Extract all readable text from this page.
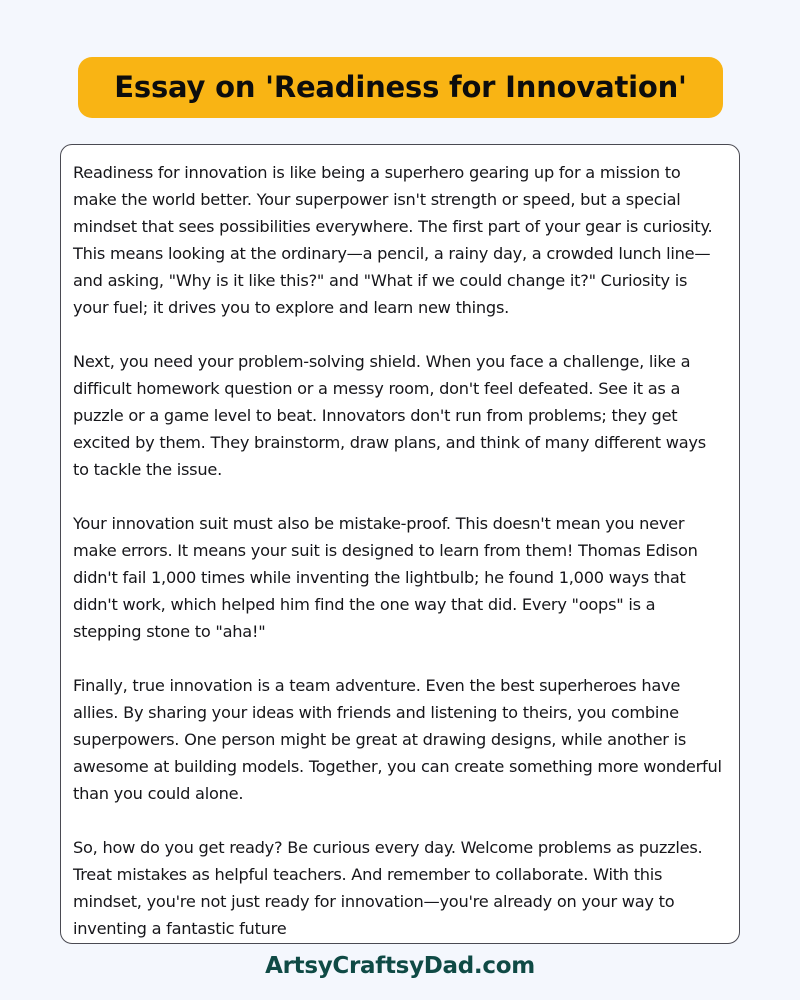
Essay on 'Readiness for Innovation'

Readiness for innovation is like being a superhero gearing up for a mission to make the world better. Your superpower isn't strength or speed, but a special mindset that sees possibilities everywhere. The first part of your gear is curiosity. This means looking at the ordinary—a pencil, a rainy day, a crowded lunch line—and asking, "Why is it like this?" and "What if we could change it?" Curiosity is your fuel; it drives you to explore and learn new things.

Next, you need your problem-solving shield. When you face a challenge, like a difficult homework question or a messy room, don't feel defeated. See it as a puzzle or a game level to beat. Innovators don't run from problems; they get excited by them. They brainstorm, draw plans, and think of many different ways to tackle the issue.

Your innovation suit must also be mistake-proof. This doesn't mean you never make errors. It means your suit is designed to learn from them! Thomas Edison didn't fail 1,000 times while inventing the lightbulb; he found 1,000 ways that didn't work, which helped him find the one way that did. Every "oops" is a stepping stone to "aha!"

Finally, true innovation is a team adventure. Even the best superheroes have allies. By sharing your ideas with friends and listening to theirs, you combine superpowers. One person might be great at drawing designs, while another is awesome at building models. Together, you can create something more wonderful than you could alone.

So, how do you get ready? Be curious every day. Welcome problems as puzzles. Treat mistakes as helpful teachers. And remember to collaborate. With this mindset, you're not just ready for innovation—you're already on your way to inventing a fantastic future

ArtsyCraftsyDad.com
